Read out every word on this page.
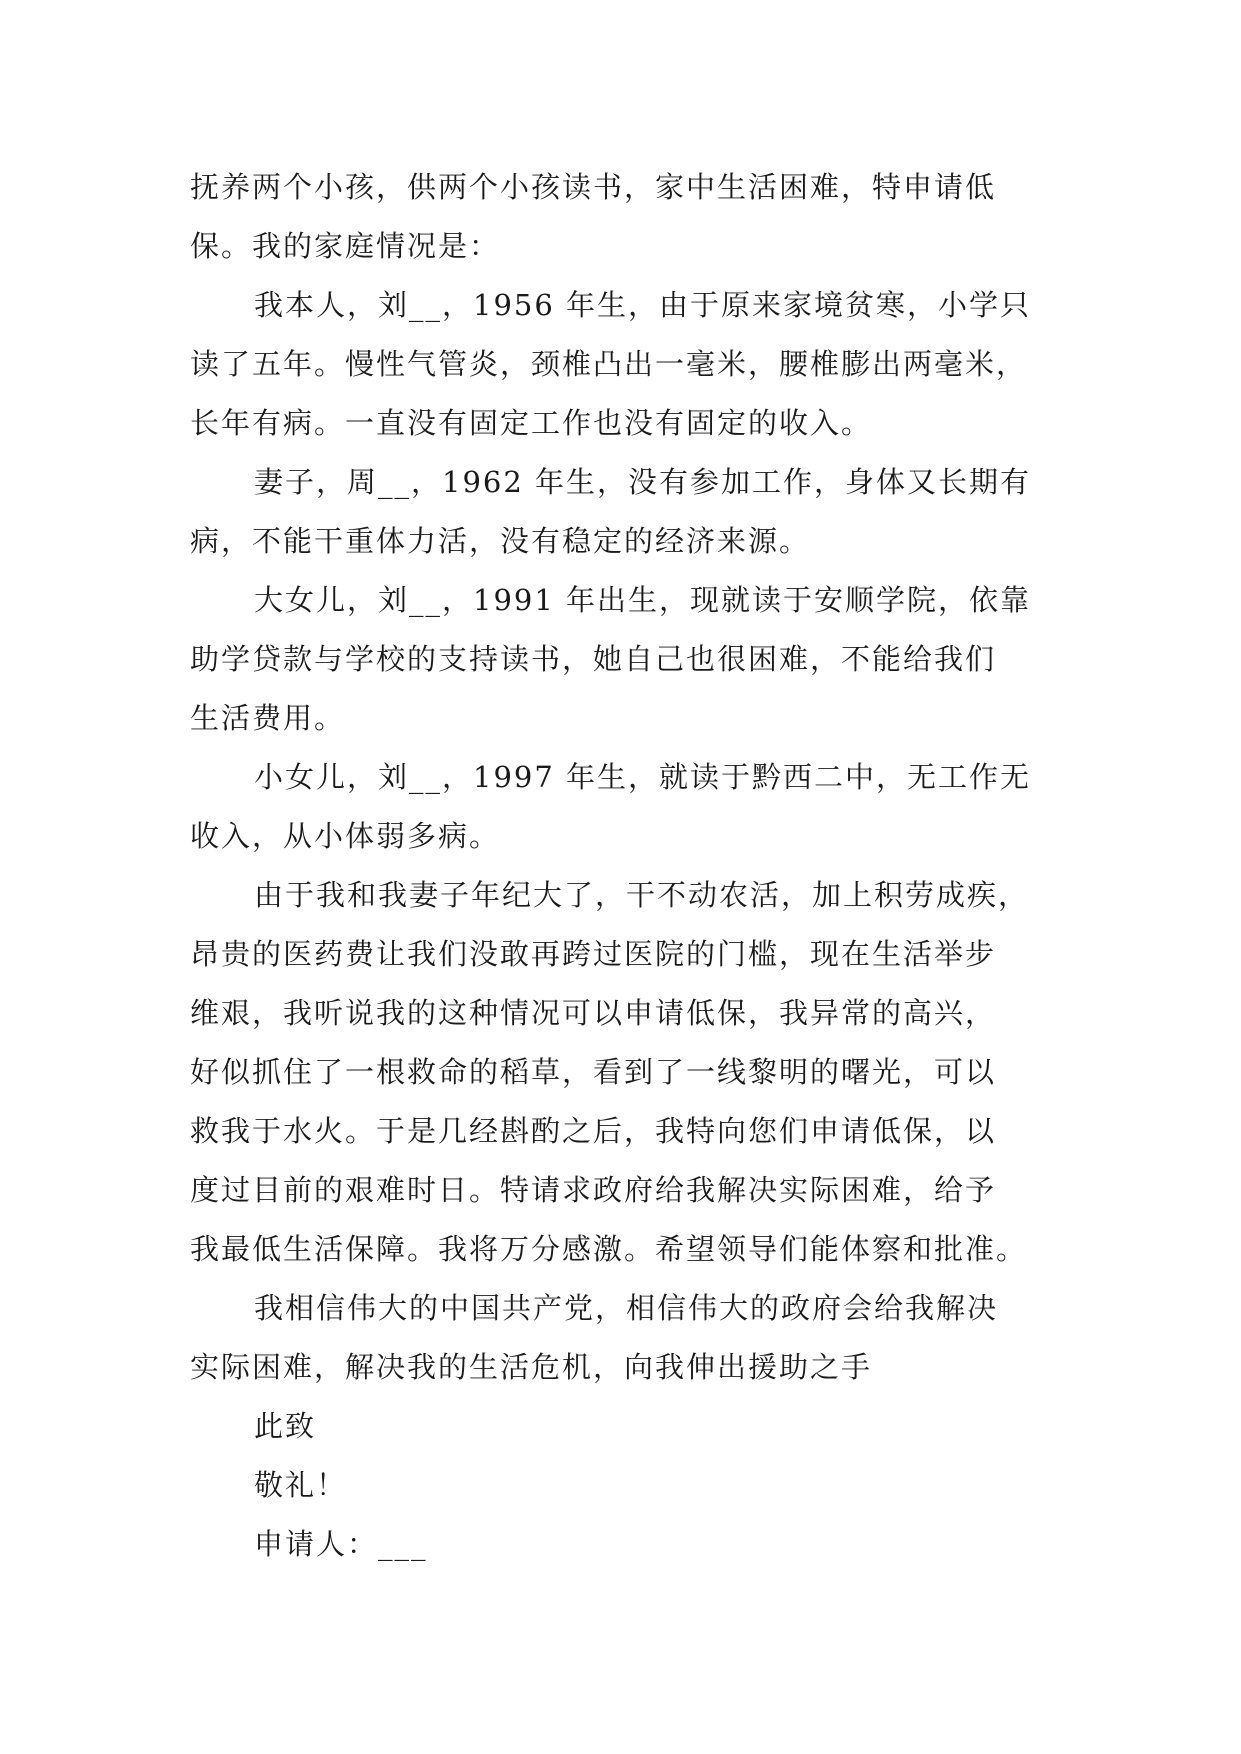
抚养两个小孩，供两个小孩读书，家中生活困难，特申请低
保。我的家庭情况是：
我本人，刘__，1956 年生，由于原来家境贫寒，小学只
读了五年。慢性气管炎，颈椎凸出一毫米，腰椎膨出两毫米，
长年有病。一直没有固定工作也没有固定的收入。
妻子，周__，1962 年生，没有参加工作，身体又长期有
病，不能干重体力活，没有稳定的经济来源。
大女儿，刘__，1991 年出生，现就读于安顺学院，依靠
助学贷款与学校的支持读书，她自己也很困难，不能给我们
生活费用。
小女儿，刘__，1997 年生，就读于黔西二中，无工作无
收入，从小体弱多病。
由于我和我妻子年纪大了，干不动农活，加上积劳成疾，
昂贵的医药费让我们没敢再跨过医院的门槛，现在生活举步
维艰，我听说我的这种情况可以申请低保，我异常的高兴，
好似抓住了一根救命的稻草，看到了一线黎明的曙光，可以
救我于水火。于是几经斟酌之后，我特向您们申请低保，以
度过目前的艰难时日。特请求政府给我解决实际困难，给予
我最低生活保障。我将万分感激。希望领导们能体察和批准。
我相信伟大的中国共产党，相信伟大的政府会给我解决
实际困难，解决我的生活危机，向我伸出援助之手
此致
敬礼！
申请人：___
